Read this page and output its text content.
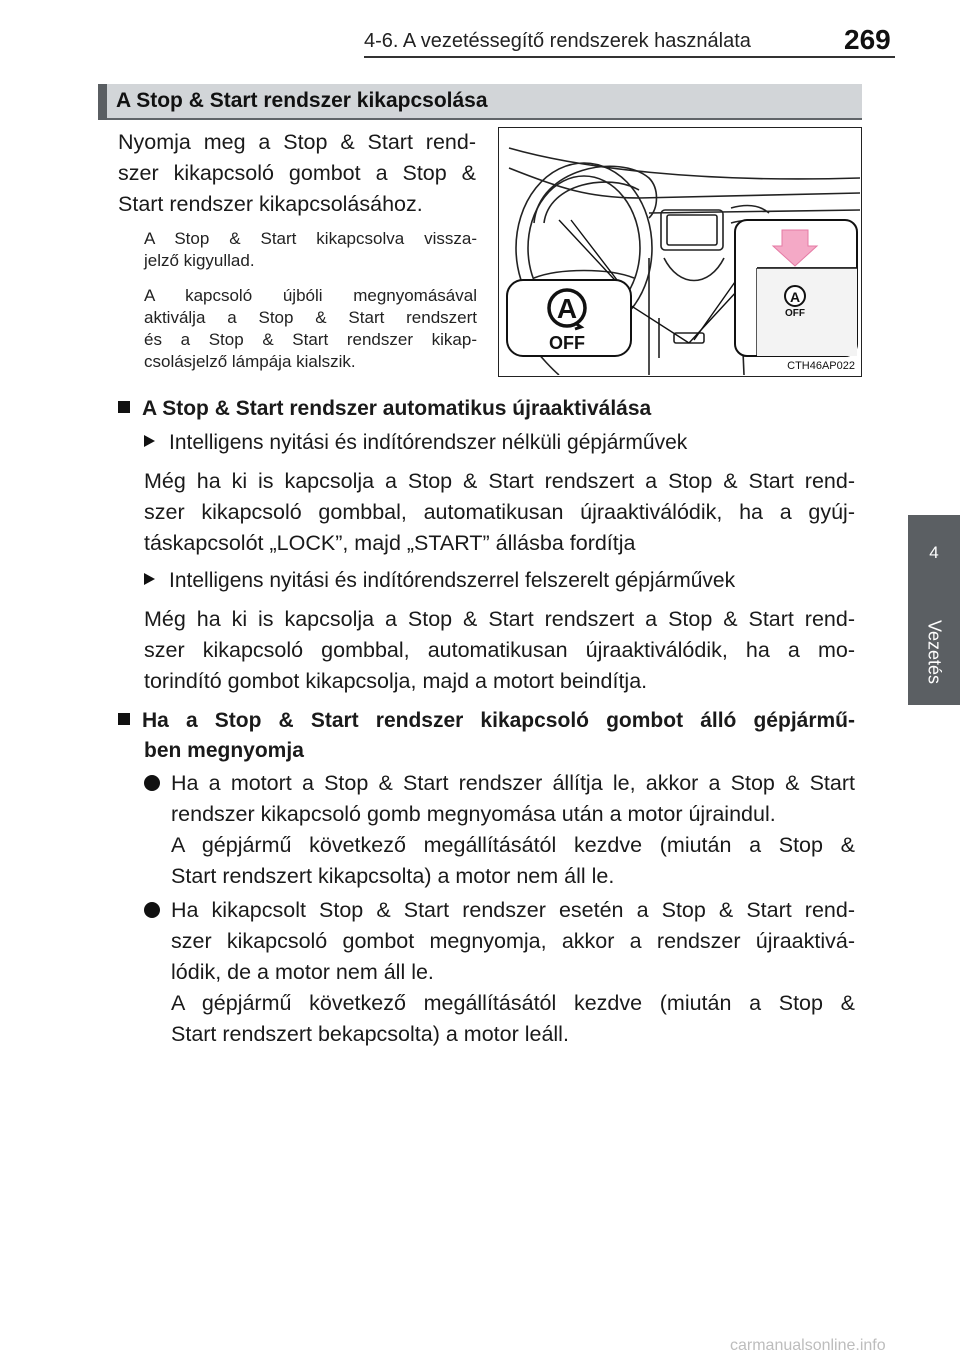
4-6. A vezetéssegítő rendszerek használata	269
A Stop & Start rendszer kikapcsolása
Nyomja meg a Stop & Start rend-
szer kikapcsoló gombot a Stop &
Start rendszer kikapcsolásához.
A Stop & Start kikapcsolva vissza-
jelző kigyullad.
A kapcsoló újbóli megnyomásával
aktiválja a Stop & Start rendszert
és a Stop & Start rendszer kikap-
csolásjelző lámpája kialszik.
A
OFF
A
OFF
CTH46AP022
A Stop & Start rendszer automatikus újraaktiválása
Intelligens nyitási és indítórendszer nélküli gépjárművek
Még ha ki is kapcsolja a Stop & Start rendszert a Stop & Start rend-
szer kikapcsoló gombbal, automatikusan újraaktiválódik, ha a gyúj-
táskapcsolót „LOCK”, majd „START” állásba fordítja
Intelligens nyitási és indítórendszerrel felszerelt gépjárművek
Még ha ki is kapcsolja a Stop & Start rendszert a Stop & Start rend-
szer kikapcsoló gombbal, automatikusan újraaktiválódik, ha a mo-
torindító gombot kikapcsolja, majd a motort beindítja.
Ha a Stop & Start rendszer kikapcsoló gombot álló gépjármű-
ben megnyomja
Ha a motort a Stop & Start rendszer állítja le, akkor a Stop & Start
rendszer kikapcsoló gomb megnyomása után a motor újraindul.
A gépjármű következő megállításától kezdve (miután a Stop &
Start rendszert kikapcsolta) a motor nem áll le.
Ha kikapcsolt Stop & Start rendszer esetén a Stop & Start rend-
szer kikapcsoló gombot megnyomja, akkor a rendszer újraaktivá-
lódik, de a motor nem áll le.
A gépjármű következő megállításától kezdve (miután a Stop &
Start rendszert bekapcsolta) a motor leáll.
4
Vezetés
carmanualsonline.info
